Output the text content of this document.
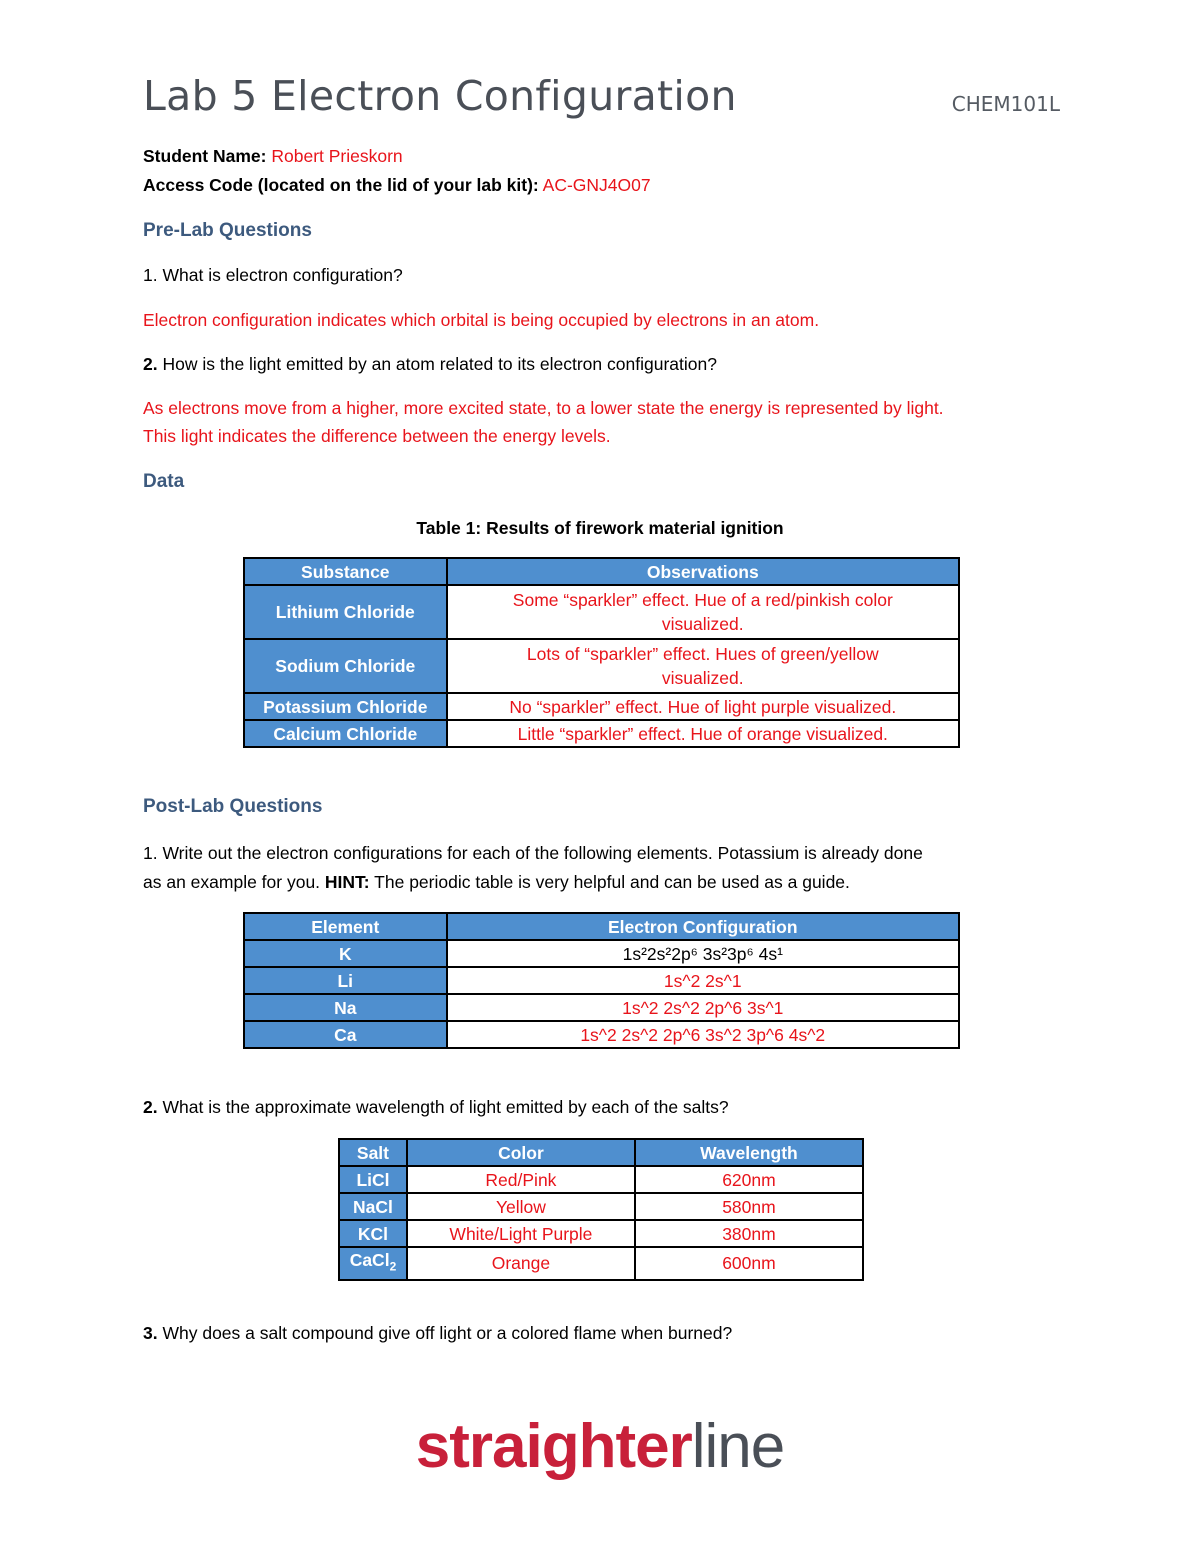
Lab 5 Electron Configuration	CHEM101L
Student Name: Robert Prieskorn
Access Code (located on the lid of your lab kit): AC-GNJ4O07
Pre-Lab Questions
1. What is electron configuration?
Electron configuration indicates which orbital is being occupied by electrons in an atom.
2. How is the light emitted by an atom related to its electron configuration?
As electrons move from a higher, more excited state, to a lower state the energy is represented by light.
This light indicates the difference between the energy levels.
Data
Table 1: Results of firework material ignition
Substance	Observations
Lithium Chloride	Some “sparkler” effect. Hue of a red/pinkish color
visualized.

Sodium Chloride	Lots of “sparkler” effect. Hues of green/yellow
visualized.

Potassium Chloride	No “sparkler” effect. Hue of light purple visualized.
Calcium Chloride	Little “sparkler” effect. Hue of orange visualized.
Post-Lab Questions
1. Write out the electron configurations for each of the following elements. Potassium is already done
as an example for you. HINT: The periodic table is very helpful and can be used as a guide.
Element	Electron Configuration
K	1s²2s²2p⁶ 3s²3p⁶ 4s¹
Li	1s^2 2s^1
Na	1s^2 2s^2 2p^6 3s^1
Ca	1s^2 2s^2 2p^6 3s^2 3p^6 4s^2
2. What is the approximate wavelength of light emitted by each of the salts?
Salt	Color	Wavelength
LiCl	Red/Pink	620nm
NaCl	Yellow	580nm
KCl	White/Light Purple	380nm
CaCl$_2$	Orange	600nm
3. Why does a salt compound give off light or a colored flame when burned?
straighterline
